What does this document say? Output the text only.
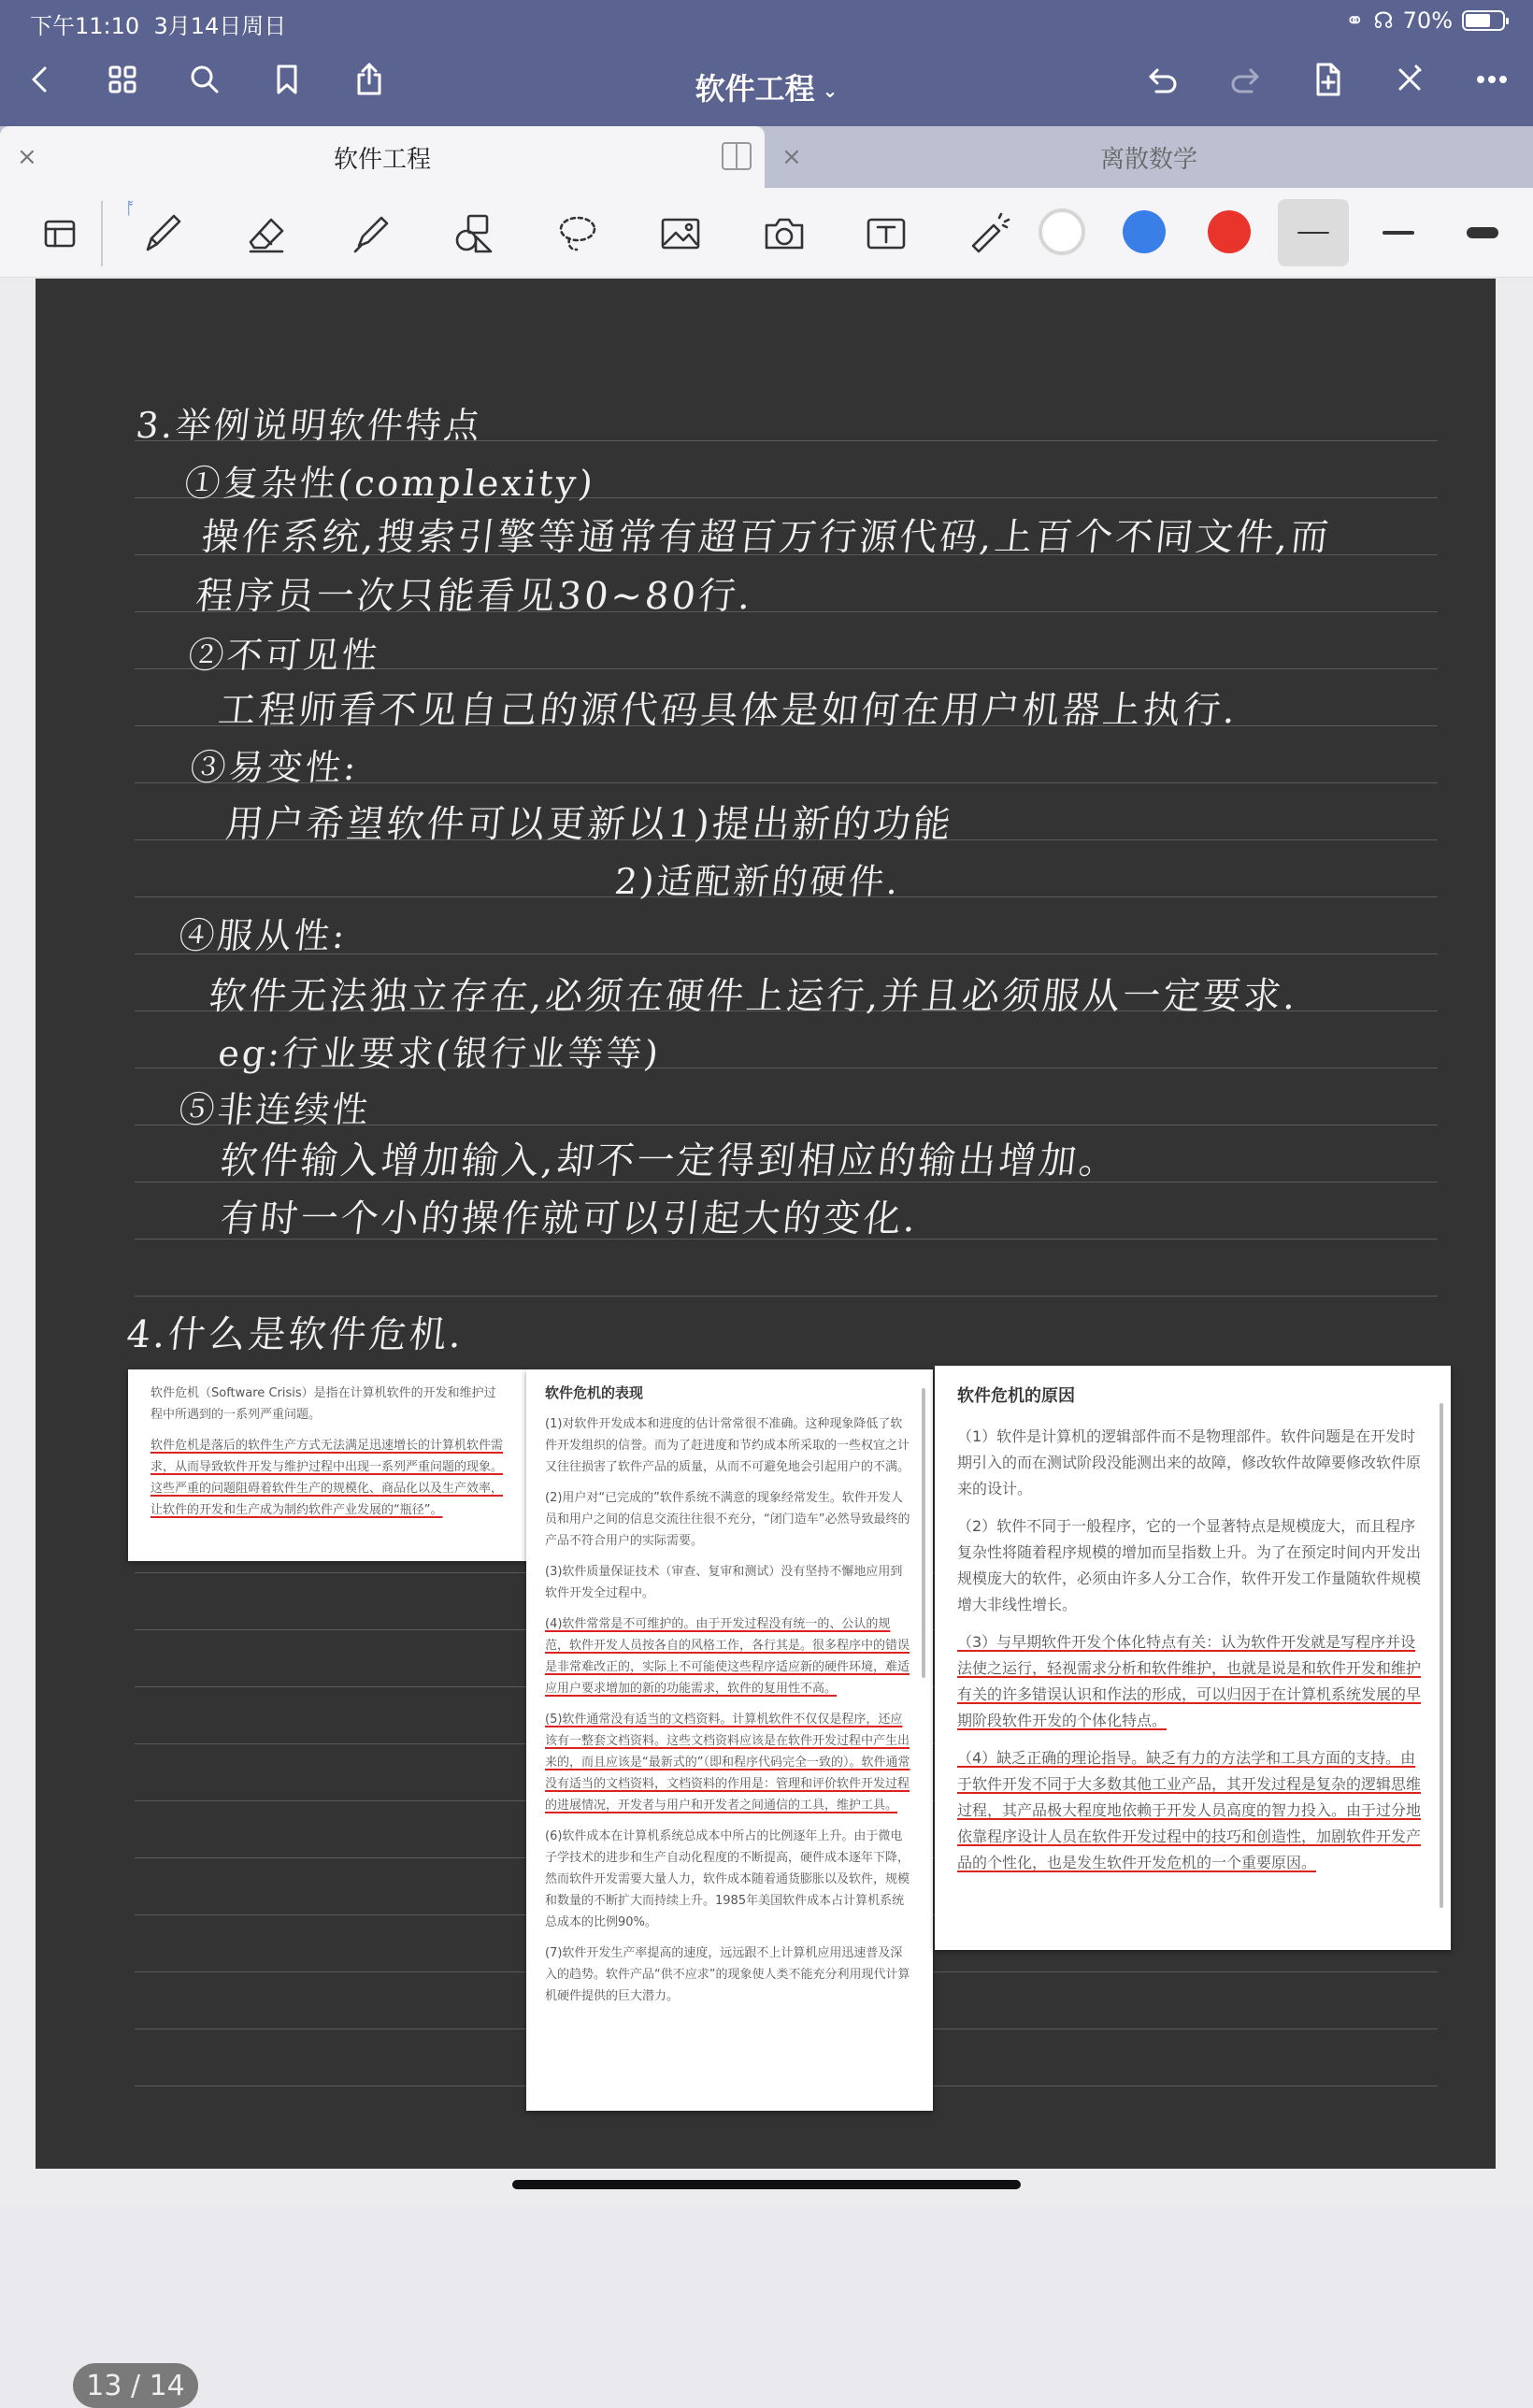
下午11:10 3月14日周日	⚭ ☊ 70%
软件工程 ⌄
×	软件工程	×	离散数学
ᚩ
3.举例说明软件特点
①复杂性(complexity)
操作系统,搜索引擎等通常有超百万行源代码,上百个不同文件,而
程序员一次只能看见30~80行.
②不可见性
工程师看不见自己的源代码具体是如何在用户机器上执行.
③易变性:
用户希望软件可以更新以1)提出新的功能
2)适配新的硬件.
④服从性:
软件无法独立存在,必须在硬件上运行,并且必须服从一定要求.
eg:行业要求(银行业等等)
⑤非连续性
软件输入增加输入,却不一定得到相应的输出增加。
有时一个小的操作就可以引起大的变化.
4.什么是软件危机.

软件危机（Software Crisis）是指在计算机软件的开发和维护过程中所遇到的一系列严重问题。

软件危机是落后的软件生产方式无法满足迅速增长的计算机软件需求，从而导致软件开发与维护过程中出现一系列严重问题的现象。这些严重的问题阻碍着软件生产的规模化、商品化以及生产效率，让软件的开发和生产成为制约软件产业发展的“瓶径”。

软件危机的表现

(1)对软件开发成本和进度的估计常常很不准确。这种现象降低了软件开发组织的信誉。而为了赶进度和节约成本所采取的一些权宜之计又往往损害了软件产品的质量，从而不可避免地会引起用户的不满。

(2)用户对“已完成的”软件系统不满意的现象经常发生。软件开发人员和用户之间的信息交流往往很不充分，“闭门造车”必然导致最终的产品不符合用户的实际需要。

(3)软件质量保证技术（审查、复审和测试）没有坚持不懈地应用到软件开发全过程中。

(4)软件常常是不可维护的。由于开发过程没有统一的、公认的规范，软件开发人员按各自的风格工作，各行其是。很多程序中的错误是非常难改正的，实际上不可能使这些程序适应新的硬件环境，难适应用户要求增加的新的功能需求，软件的复用性不高。

(5)软件通常没有适当的文档资料。计算机软件不仅仅是程序，还应该有一整套文档资料。这些文档资料应该是在软件开发过程中产生出来的，而且应该是“最新式的”（即和程序代码完全一致的）。软件通常没有适当的文档资料，文档资料的作用是：管理和评价软件开发过程的进展情况，开发者与用户和开发者之间通信的工具，维护工具。

(6)软件成本在计算机系统总成本中所占的比例逐年上升。由于微电子学技术的进步和生产自动化程度的不断提高，硬件成本逐年下降，然而软件开发需要大量人力，软件成本随着通货膨胀以及软件，规模和数量的不断扩大而持续上升。1985年美国软件成本占计算机系统总成本的比例90%。

(7)软件开发生产率提高的速度，远远跟不上计算机应用迅速普及深入的趋势。软件产品“供不应求”的现象使人类不能充分利用现代计算机硬件提供的巨大潜力。

软件危机的原因

（1）软件是计算机的逻辑部件而不是物理部件。软件问题是在开发时期引入的而在测试阶段没能测出来的故障，修改软件故障要修改软件原来的设计。

（2）软件不同于一般程序，它的一个显著特点是规模庞大，而且程序复杂性将随着程序规模的增加而呈指数上升。为了在预定时间内开发出规模庞大的软件，必须由许多人分工合作，软件开发工作量随软件规模增大非线性增长。

（3）与早期软件开发个体化特点有关：认为软件开发就是写程序并设法使之运行，轻视需求分析和软件维护，也就是说是和软件开发和维护有关的许多错误认识和作法的形成，可以归因于在计算机系统发展的早期阶段软件开发的个体化特点。

（4）缺乏正确的理论指导。缺乏有力的方法学和工具方面的支持。由于软件开发不同于大多数其他工业产品，其开发过程是复杂的逻辑思维过程，其产品极大程度地依赖于开发人员高度的智力投入。由于过分地依靠程序设计人员在软件开发过程中的技巧和创造性，加剧软件开发产品的个性化，也是发生软件开发危机的一个重要原因。

13 / 14
